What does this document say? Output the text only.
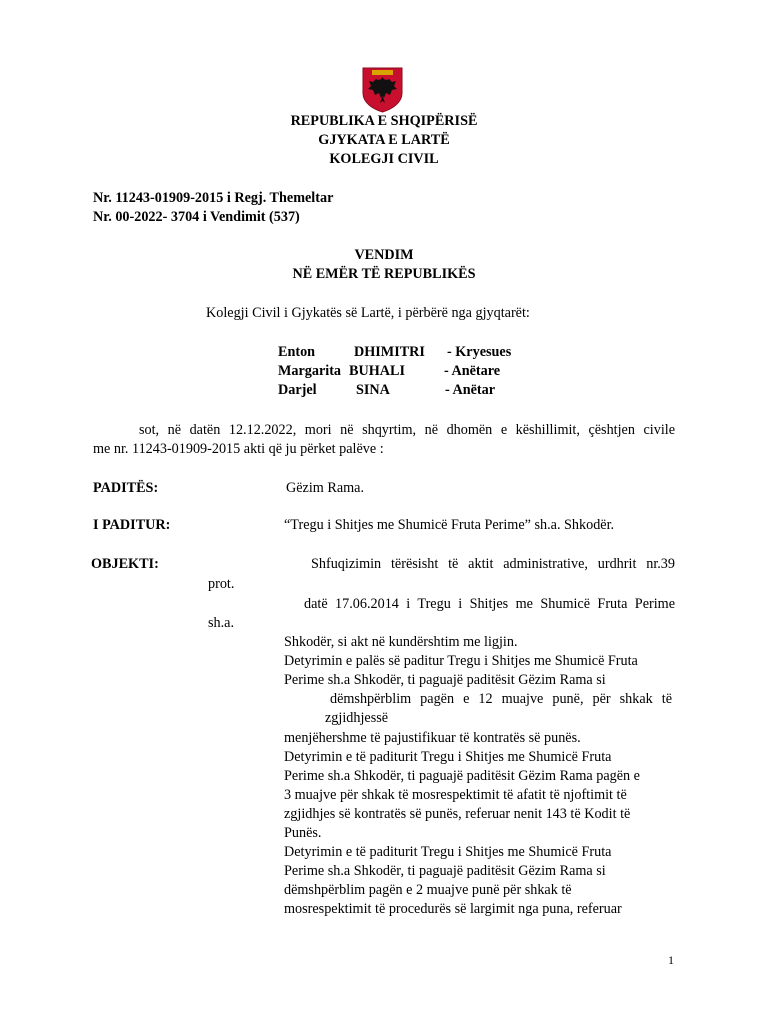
REPUBLIKA E SHQIPËRISË
GJYKATA E LARTË
KOLEGJI CIVIL
Nr. 11243-01909-2015 i Regj. Themeltar
Nr. 00-2022- 3704 i Vendimit (537)
VENDIM
NË EMËR TË REPUBLIKËS
Kolegji Civil i Gjykatës së Lartë, i përbërë nga gjyqtarët:
Enton	DHIMITRI - Kryesues
Margarita BUHALI	- Anëtare
Darjel	SINA	- Anëtar
sot, në datën 12.12.2022, mori në shqyrtim, në dhomën e këshillimit, çështjen civile
me nr. 11243-01909-2015 akti që ju përket palëve :
PADITËS:	Gëzim Rama.
I PADITUR:	“Tregu i Shitjes me Shumicë Fruta Perime” sh.a. Shkodër.
OBJEKTI:	Shfuqizimin tërësisht të aktit administrative, urdhrit nr.39
prot.
datë 17.06.2014 i Tregu i Shitjes me Shumicë Fruta Perime
sh.a.
Shkodër, si akt në kundërshtim me ligjin.
Detyrimin e palës së paditur Tregu i Shitjes me Shumicë Fruta
Perime sh.a Shkodër, ti paguajë paditësit Gëzim Rama si
dëmshpërblim pagën e 12 muajve punë, për shkak të
zgjidhjessë
menjëhershme të pajustifikuar të kontratës së punës.
Detyrimin e të paditurit Tregu i Shitjes me Shumicë Fruta
Perime sh.a Shkodër, ti paguajë paditësit Gëzim Rama pagën e
3 muajve për shkak të mosrespektimit të afatit të njoftimit të
zgjidhjes së kontratës së punës, referuar nenit 143 të Kodit të
Punës.
Detyrimin e të paditurit Tregu i Shitjes me Shumicë Fruta
Perime sh.a Shkodër, ti paguajë paditësit Gëzim Rama si
dëmshpërblim pagën e 2 muajve punë për shkak të
mosrespektimit të procedurës së largimit nga puna, referuar
1
